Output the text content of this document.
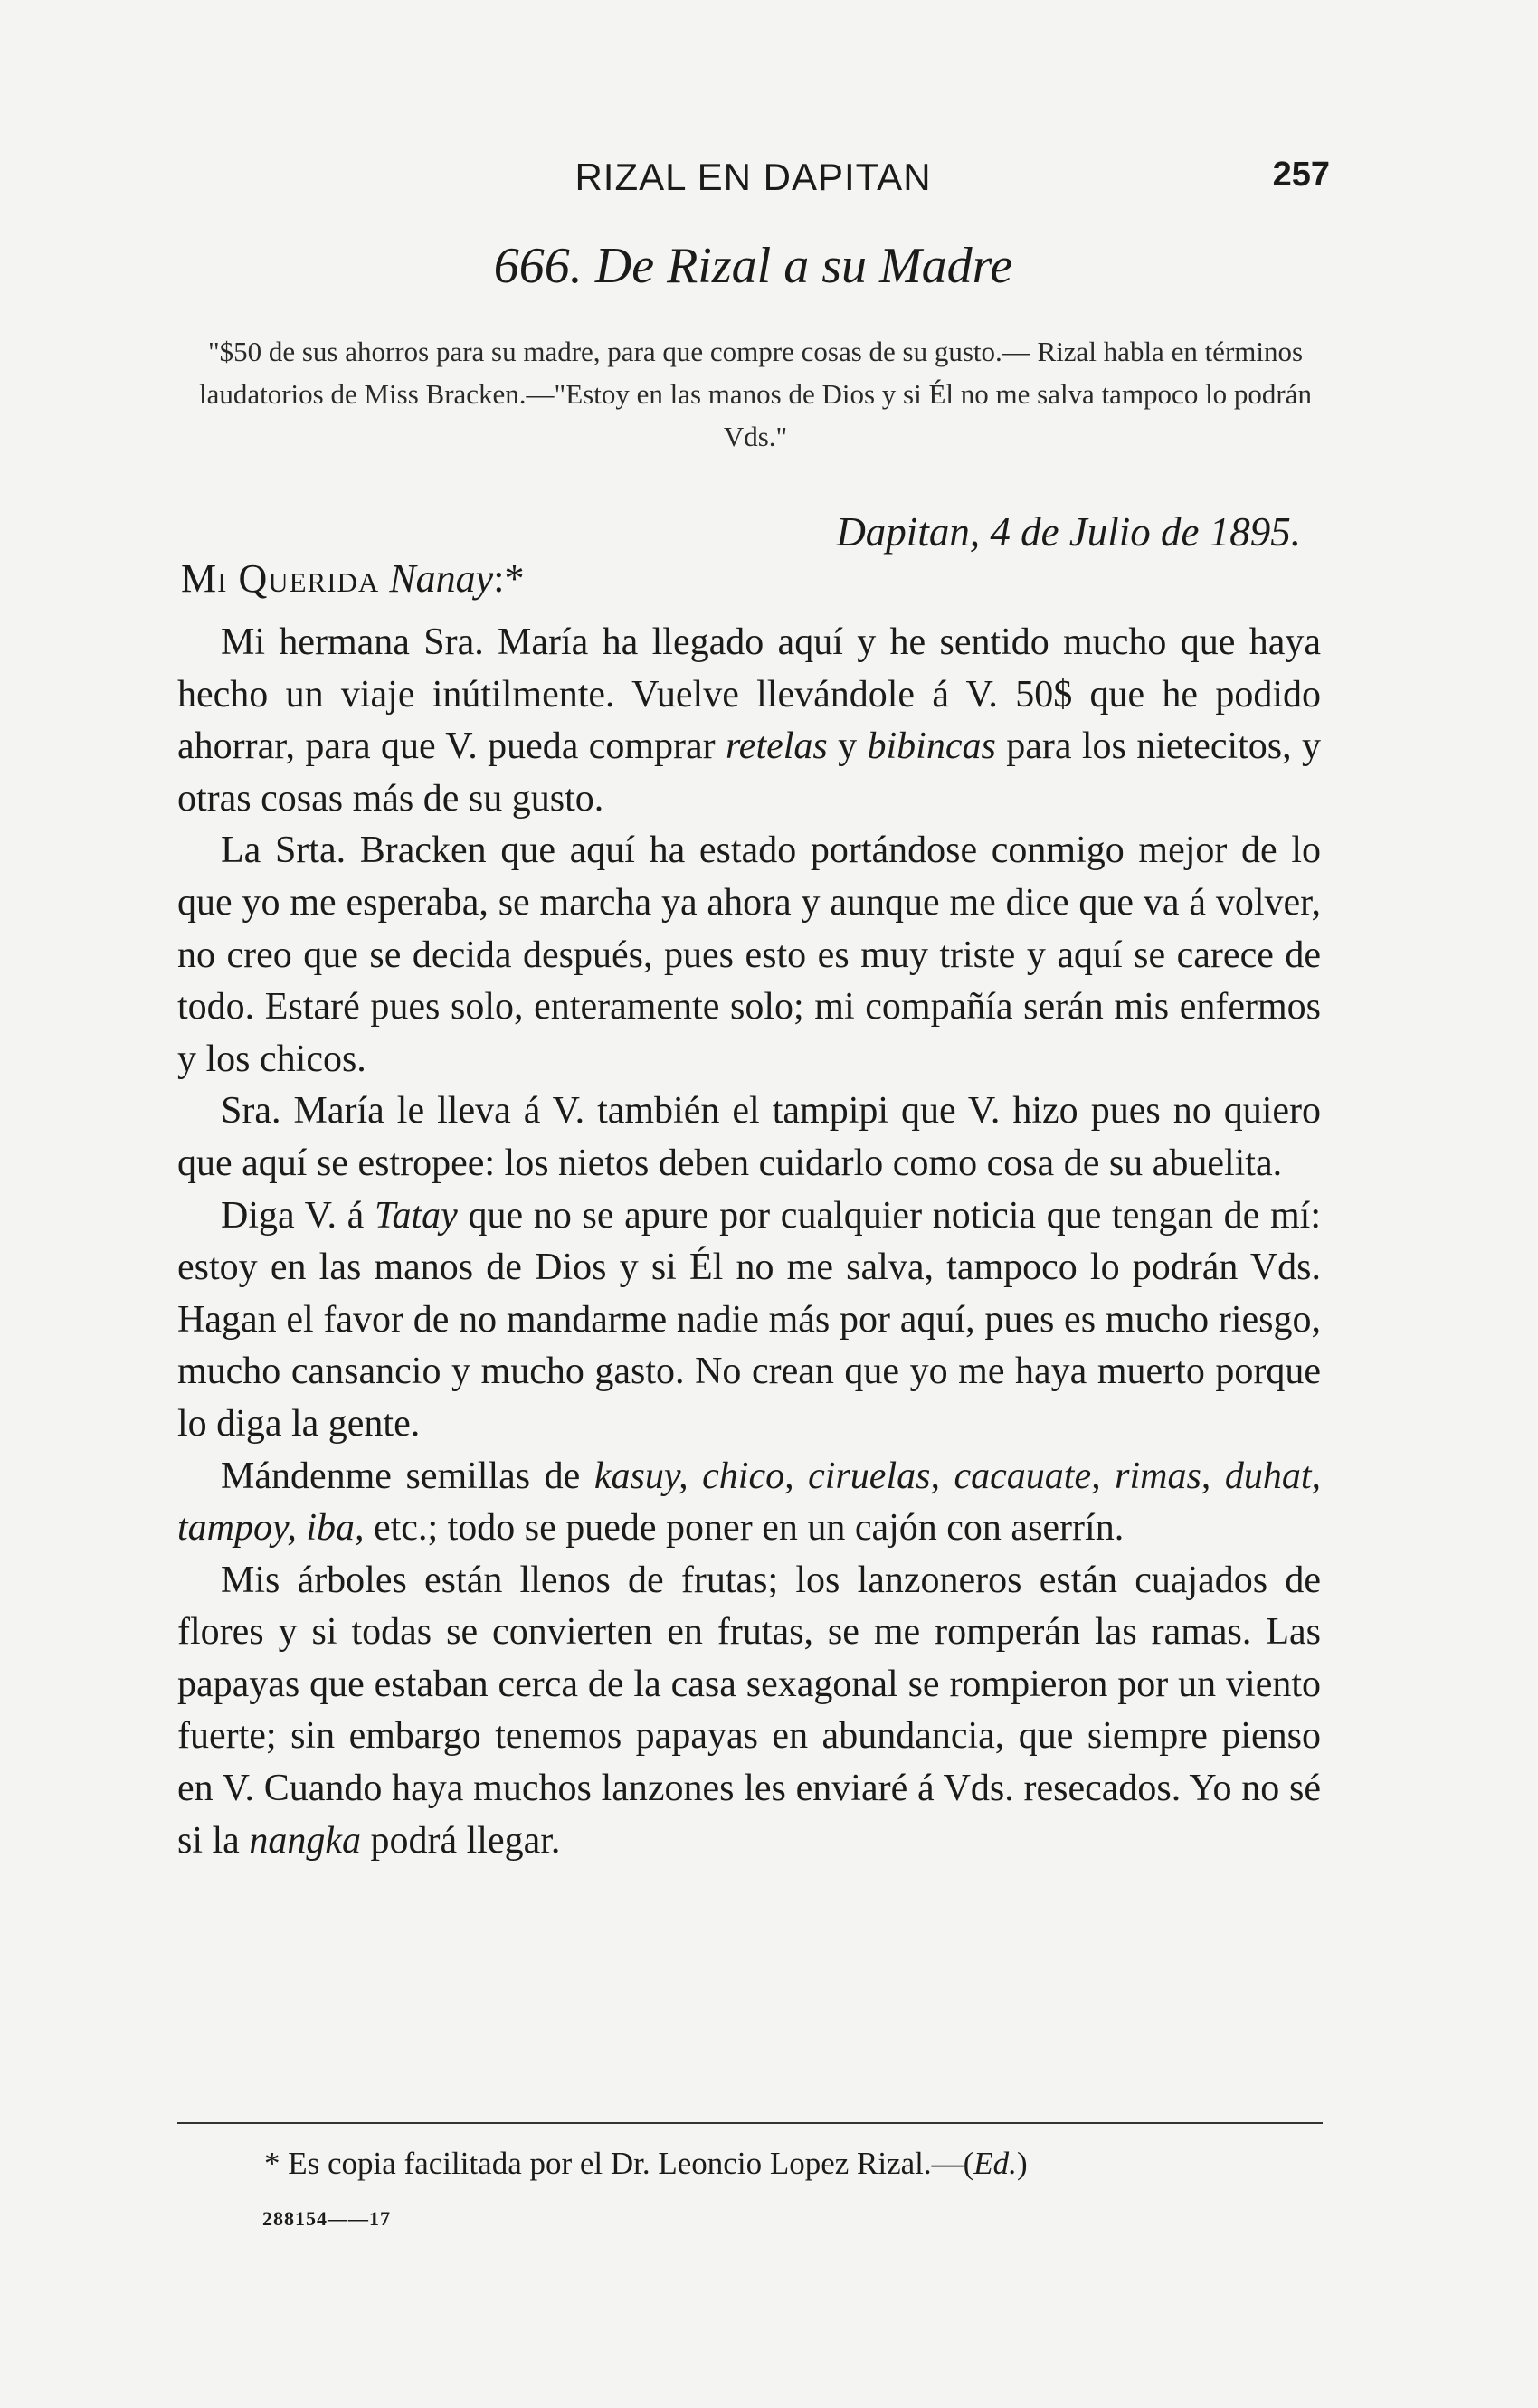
RIZAL EN DAPITAN	257
666. De Rizal a su Madre
"$50 de sus ahorros para su madre, para que compre cosas de su gusto.— Rizal habla en términos laudatorios de Miss Bracken.—"Estoy en las manos de Dios y si Él no me salva tampoco lo podrán Vds."
Dapitan, 4 de Julio de 1895.
Mi Querida Nanay:*

Mi hermana Sra. María ha llegado aquí y he sentido mucho que haya hecho un viaje inútilmente. Vuelve llevándole á V. 50$ que he podido ahorrar, para que V. pueda comprar retelas y bibincas para los nietecitos, y otras cosas más de su gusto.

La Srta. Bracken que aquí ha estado portándose conmigo mejor de lo que yo me esperaba, se marcha ya ahora y aunque me dice que va á volver, no creo que se decida después, pues esto es muy triste y aquí se carece de todo. Estaré pues solo, enteramente solo; mi compañía serán mis enfermos y los chicos.

Sra. María le lleva á V. también el tampipi que V. hizo pues no quiero que aquí se estropee: los nietos deben cuidarlo como cosa de su abuelita.

Diga V. á Tatay que no se apure por cualquier noticia que tengan de mí: estoy en las manos de Dios y si Él no me salva, tampoco lo podrán Vds. Hagan el favor de no mandarme nadie más por aquí, pues es mucho riesgo, mucho cansancio y mucho gasto. No crean que yo me haya muerto porque lo diga la gente.

Mándenme semillas de kasuy, chico, ciruelas, cacauate, rimas, duhat, tampoy, iba, etc.; todo se puede poner en un cajón con aserrín.

Mis árboles están llenos de frutas; los lanzoneros están cuajados de flores y si todas se convierten en frutas, se me romperán las ramas. Las papayas que estaban cerca de la casa sexagonal se rompieron por un viento fuerte; sin embargo tenemos papayas en abundancia, que siempre pienso en V. Cuando haya muchos lanzones les enviaré á Vds. resecados. Yo no sé si la nangka podrá llegar.

* Es copia facilitada por el Dr. Leoncio Lopez Rizal.—(Ed.)
288154——17
